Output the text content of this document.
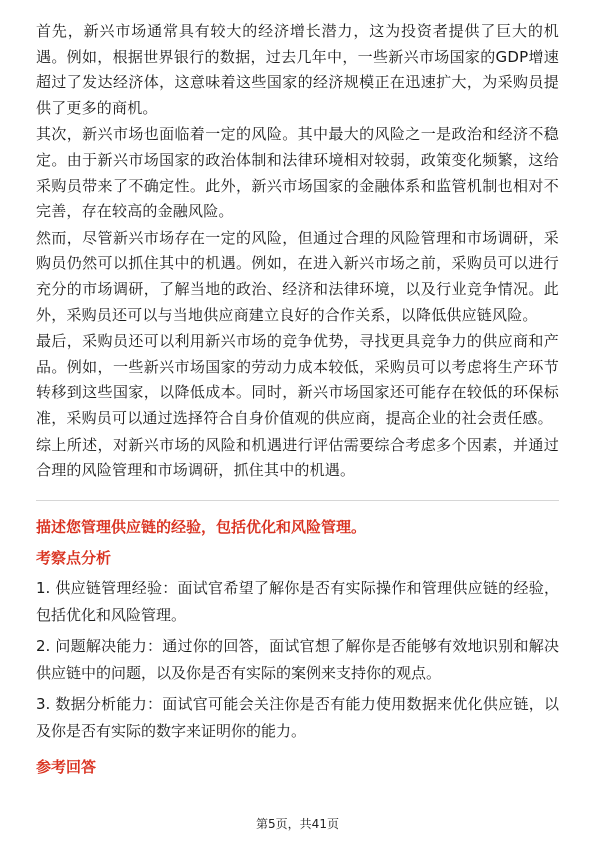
首先，新兴市场通常具有较大的经济增长潜力，这为投资者提供了巨大的机遇。例如，根据世界银行的数据，过去几年中，一些新兴市场国家的GDP增速超过了发达经济体，这意味着这些国家的经济规模正在迅速扩大，为采购员提供了更多的商机。

其次，新兴市场也面临着一定的风险。其中最大的风险之一是政治和经济不稳定。由于新兴市场国家的政治体制和法律环境相对较弱，政策变化频繁，这给采购员带来了不确定性。此外，新兴市场国家的金融体系和监管机制也相对不完善，存在较高的金融风险。

然而，尽管新兴市场存在一定的风险，但通过合理的风险管理和市场调研，采购员仍然可以抓住其中的机遇。例如，在进入新兴市场之前，采购员可以进行充分的市场调研，了解当地的政治、经济和法律环境，以及行业竞争情况。此外，采购员还可以与当地供应商建立良好的合作关系，以降低供应链风险。

最后，采购员还可以利用新兴市场的竞争优势，寻找更具竞争力的供应商和产品。例如，一些新兴市场国家的劳动力成本较低，采购员可以考虑将生产环节转移到这些国家，以降低成本。同时，新兴市场国家还可能存在较低的环保标准，采购员可以通过选择符合自身价值观的供应商，提高企业的社会责任感。

综上所述，对新兴市场的风险和机遇进行评估需要综合考虑多个因素，并通过合理的风险管理和市场调研，抓住其中的机遇。

描述您管理供应链的经验，包括优化和风险管理。
考察点分析

1. 供应链管理经验：面试官希望了解你是否有实际操作和管理供应链的经验，包括优化和风险管理。

2. 问题解决能力：通过你的回答，面试官想了解你是否能够有效地识别和解决供应链中的问题，以及你是否有实际的案例来支持你的观点。

3. 数据分析能力：面试官可能会关注你是否有能力使用数据来优化供应链，以及你是否有实际的数字来证明你的能力。

参考回答
第5页，共41页
